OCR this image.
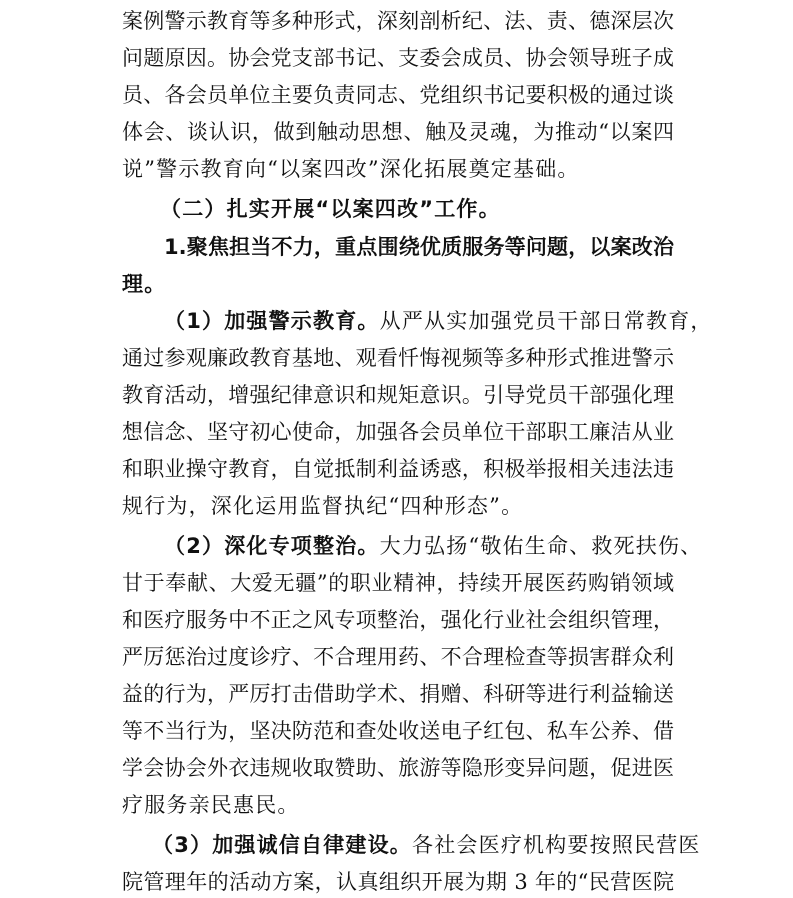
案例警示教育等多种形式，深刻剖析纪、法、责、德深层次
问题原因。协会党支部书记、支委会成员、协会领导班子成
员、各会员单位主要负责同志、党组织书记要积极的通过谈
体会、谈认识，做到触动思想、触及灵魂，为推动“以案四
说”警示教育向“以案四改”深化拓展奠定基础。
（二）扎实开展“以案四改”工作。
1.聚焦担当不力，重点围绕优质服务等问题，以案改治
理。
（1）加强警示教育。从严从实加强党员干部日常教育，
通过参观廉政教育基地、观看忏悔视频等多种形式推进警示
教育活动，增强纪律意识和规矩意识。引导党员干部强化理
想信念、坚守初心使命，加强各会员单位干部职工廉洁从业
和职业操守教育，自觉抵制利益诱惑，积极举报相关违法违
规行为，深化运用监督执纪“四种形态”。
（2）深化专项整治。大力弘扬“敬佑生命、救死扶伤、
甘于奉献、大爱无疆”的职业精神，持续开展医药购销领域
和医疗服务中不正之风专项整治，强化行业社会组织管理，
严厉惩治过度诊疗、不合理用药、不合理检查等损害群众利
益的行为，严厉打击借助学术、捐赠、科研等进行利益输送
等不当行为，坚决防范和查处收送电子红包、私车公养、借
学会协会外衣违规收取赞助、旅游等隐形变异问题，促进医
疗服务亲民惠民。
（3）加强诚信自律建设。各社会医疗机构要按照民营医
院管理年的活动方案，认真组织开展为期 3 年的“民营医院
